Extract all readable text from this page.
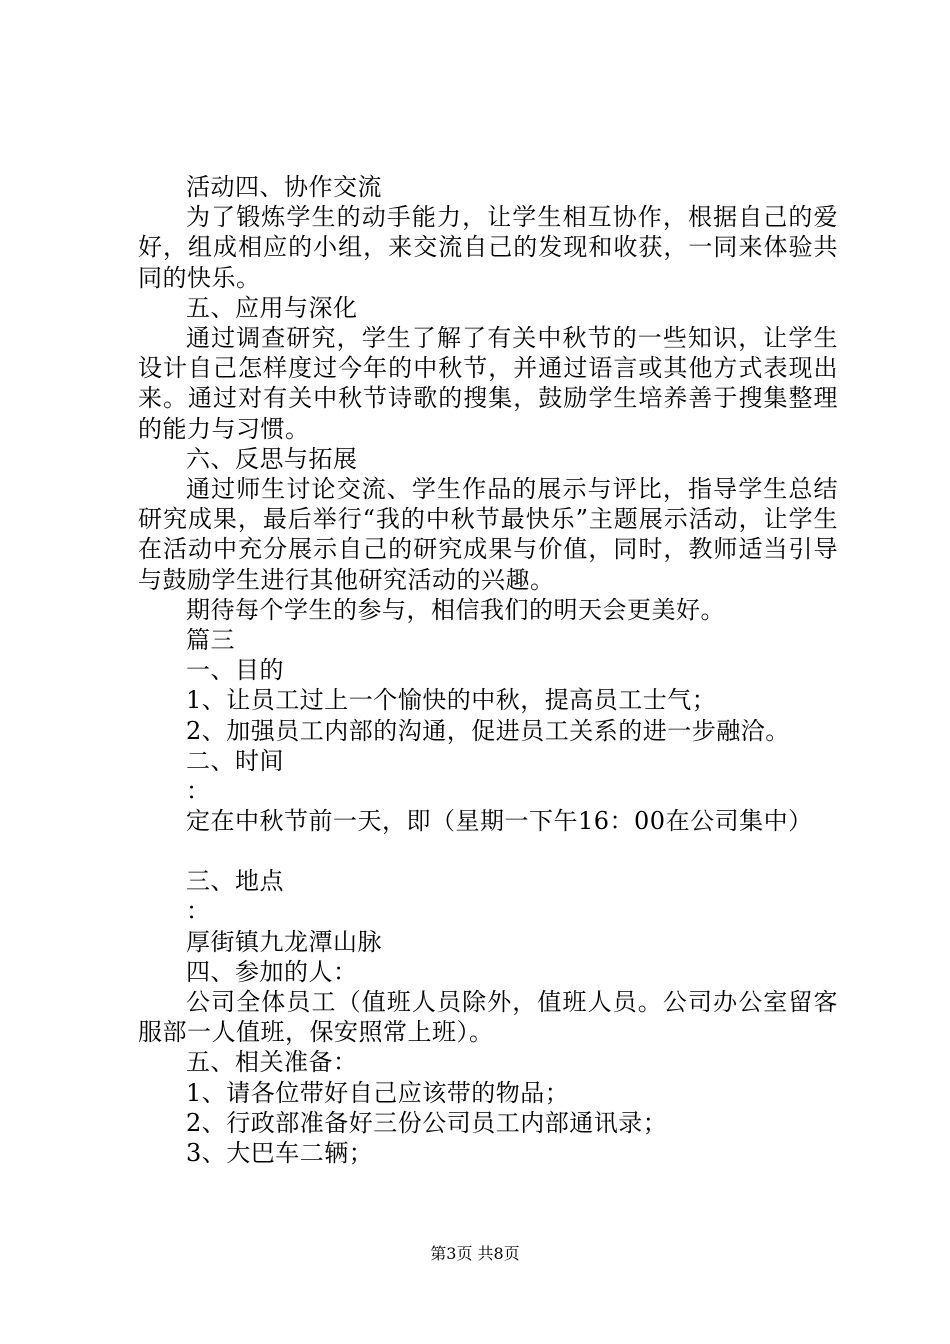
活动四、协作交流
为了锻炼学生的动手能力，让学生相互协作，根据自己的爱好，组成相应的小组，来交流自己的发现和收获，一同来体验共同的快乐。
五、应用与深化
通过调查研究，学生了解了有关中秋节的一些知识，让学生设计自己怎样度过今年的中秋节，并通过语言或其他方式表现出来。通过对有关中秋节诗歌的搜集，鼓励学生培养善于搜集整理的能力与习惯。
六、反思与拓展
通过师生讨论交流、学生作品的展示与评比，指导学生总结研究成果，最后举行“我的中秋节最快乐”主题展示活动，让学生在活动中充分展示自己的研究成果与价值，同时，教师适当引导与鼓励学生进行其他研究活动的兴趣。
期待每个学生的参与，相信我们的明天会更美好。
篇三
一、目的
1、让员工过上一个愉快的中秋，提高员工士气；
2、加强员工内部的沟通，促进员工关系的进一步融洽。
二、时间
：
定在中秋节前一天，即（星期一下午16：00在公司集中）
三、地点
：
厚街镇九龙潭山脉
四、参加的人：
公司全体员工（值班人员除外，值班人员。公司办公室留客服部一人值班，保安照常上班）。
五、相关准备：
1、请各位带好自己应该带的物品；
2、行政部准备好三份公司员工内部通讯录；
3、大巴车二辆；
第3页 共8页
